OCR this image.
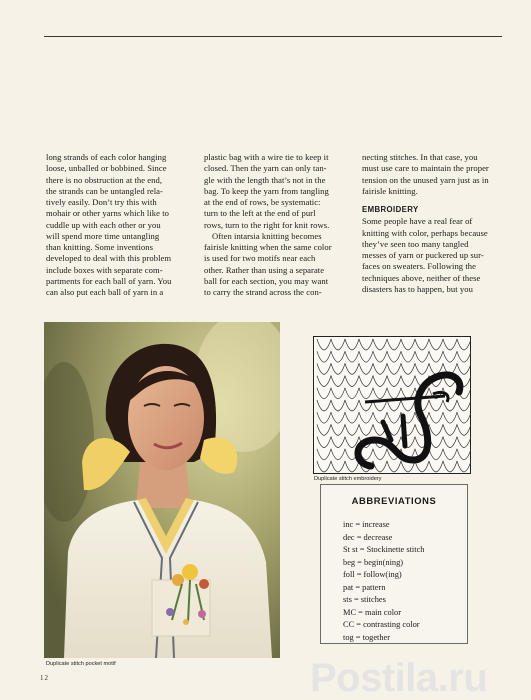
long strands of each color hanging
loose, unballed or bobbined. Since
there is no obstruction at the end,
the strands can be untangled rela-
tively easily. Don’t try this with
mohair or other yarns which like to
cuddle up with each other or you
will spend more time untangling
than knitting. Some inventions
developed to deal with this problem
include boxes with separate com-
partments for each ball of yarn. You
can also put each ball of yarn in a
plastic bag with a wire tie to keep it
closed. Then the yarn can only tan-
gle with the length that’s not in the
bag. To keep the yarn from tangling
at the end of rows, be systematic:
turn to the left at the end of purl
rows, turn to the right for knit rows.
Often intarsia knitting becomes
fairisle knitting when the same color
is used for two motifs near each
other. Rather than using a separate
ball for each section, you may want
to carry the strand across the con-
necting stitches. In that case, you
must use care to maintain the proper
tension on the unused yarn just as in
fairisle knitting.
EMBROIDERY
Some people have a real fear of
knitting with color, perhaps because
they’ve seen too many tangled
messes of yarn or puckered up sur-
faces on sweaters. Following the
techniques above, neither of these
disasters has to happen, but you
Duplicate stitch pocket motif
Duplicate stitch embroidery
ABBREVIATIONS
inc = increase
dec = decrease
St st = Stockinette stitch
beg = begin(ning)
foll = follow(ing)
pat = pattern
sts = stitches
MC = main color
CC = contrasting color
tog = together
12	Postila.ru
